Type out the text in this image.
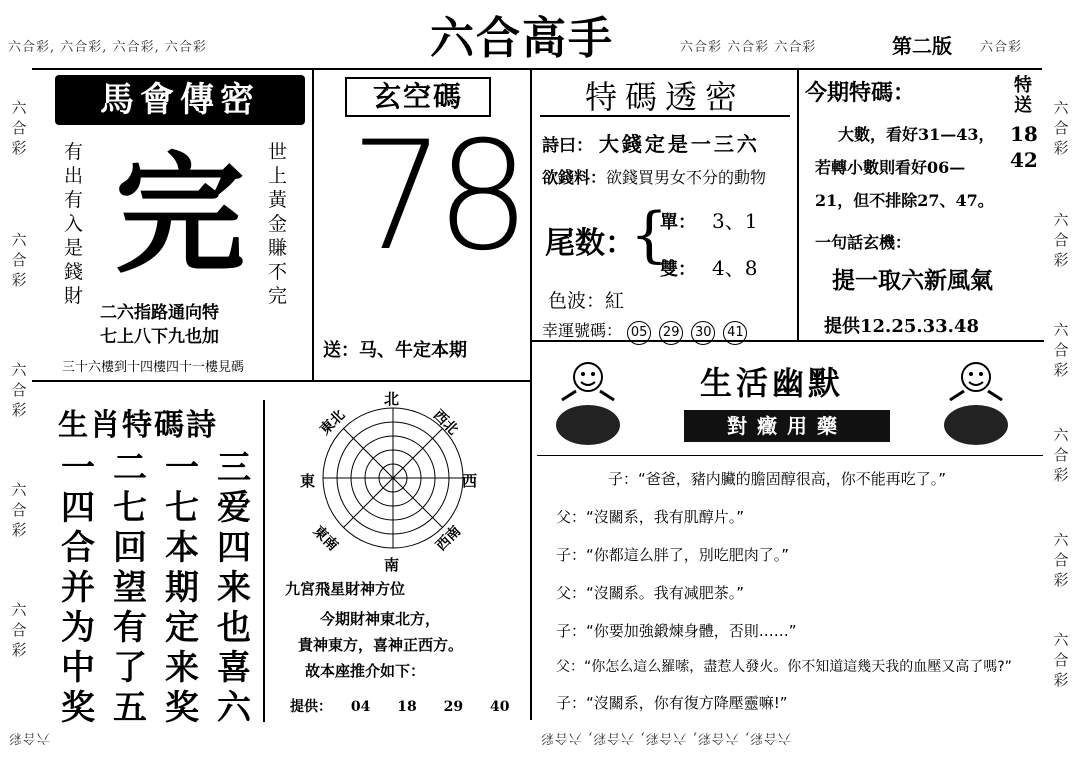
六合高手	第二版
六合彩, 六合彩, 六合彩, 六合彩	六合彩 六合彩 六合彩	六合彩
六合彩
六合彩
六合彩
六合彩
六合彩
六合彩
六合彩
六合彩
六合彩
六合彩
六合彩
六合彩	六合彩, 六合彩, 六合彩, 六合彩, 六合彩
馬會傳密
有出有入是錢財
世上黃金賺不完
完
二六指路通向特
七上八下九也加
三十六樓到十四樓四十一樓見碼
玄空碼
78
送：马、牛定本期
特碼透密
詩曰： 大錢定是一三六
欲錢料：欲錢買男女不分的動物
尾数：
{
單： 3、1
雙： 4、8
色波：紅
幸運號碼： 05 29 30 41
今期特碼：	特送
18
42
大數，看好31—43，
若轉小數則看好06—
21，但不排除27、47。
一句話玄機：
提一取六新風氣
提供12.25.33.48
生肖特碼詩
一 二 一 三
四 七 七 爱
合 回 本 四
并 望 期 来
为 有 定 也
中 了 来 喜
奖 五 奖 六
北
南
東	西
東北	西北
東南	西南
九宮飛星財神方位
今期財神東北方，
貴神東方，喜神正西方。
故本座推介如下：
提供： 04 18 29 40
生活幽默
對癥用藥
子：“爸爸，豬内臟的膽固醇很高，你不能再吃了。”
父：“沒關系，我有肌醇片。”
子：“你都這么胖了，別吃肥肉了。”
父：“沒關系。我有减肥茶。”
子：“你要加強鍛煉身體，否則……”
父：“你怎么這么羅嗦，盡惹人發火。你不知道這幾天我的血壓又高了嗎?”
子：“沒關系，你有復方降壓靈嘛!”
